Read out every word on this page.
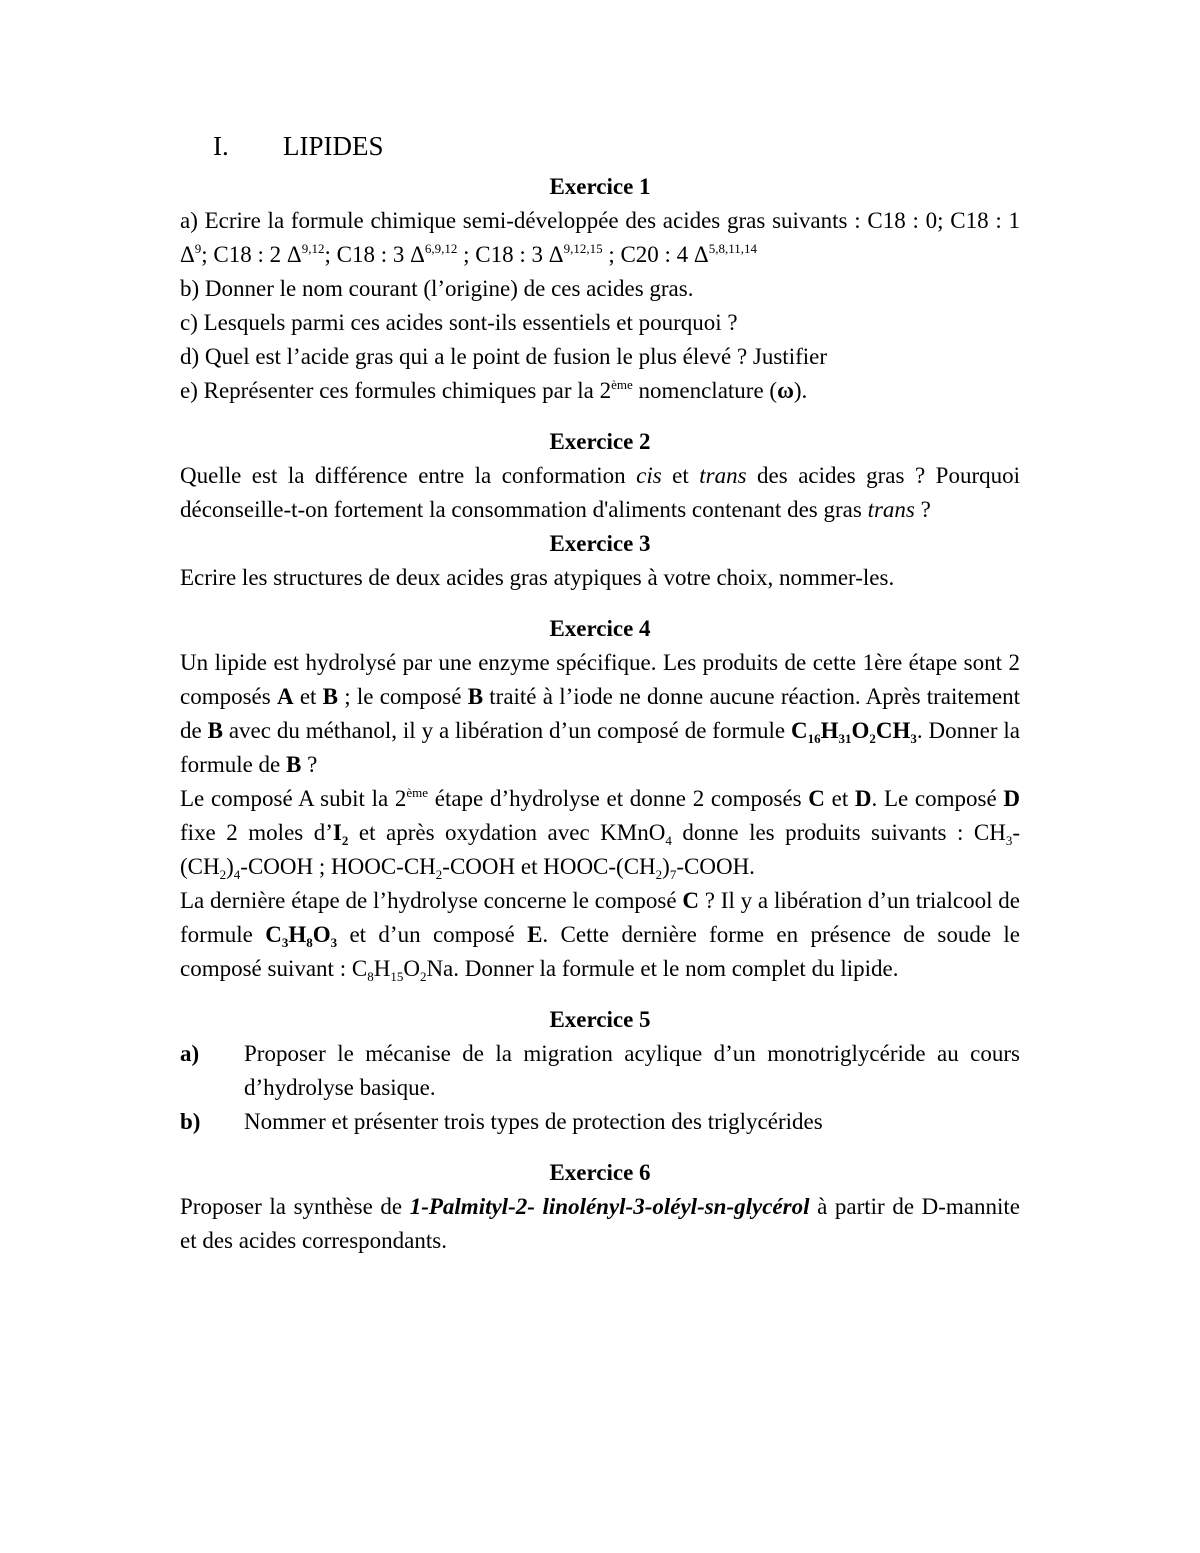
I.	LIPIDES
Exercice 1

a) Ecrire la formule chimique semi-développée des acides gras suivants : C18 : 0; C18 : 1 $\Delta^9$; C18 : 2 Δ$^{9,12}$; C18 : 3 Δ$^{6,9,12}$ ; C18 : 3 Δ$^{9,12,15}$ ; C20 : 4 Δ$^{5,8,11,14}$

b) Donner le nom courant (l’origine) de ces acides gras.

c) Lesquels parmi ces acides sont-ils essentiels et pourquoi ?

d) Quel est l’acide gras qui a le point de fusion le plus élevé ? Justifier

e) Représenter ces formules chimiques par la 2ème nomenclature (ω).

Exercice 2

Quelle est la différence entre la conformation cis et trans des acides gras ? Pourquoi déconseille-t-on fortement la consommation d'aliments contenant des gras trans ?

Exercice 3

Ecrire les structures de deux acides gras atypiques à votre choix, nommer-les.

Exercice 4

Un lipide est hydrolysé par une enzyme spécifique. Les produits de cette 1ère étape sont 2 composés A et B ; le composé B traité à l’iode ne donne aucune réaction. Après traitement de B avec du méthanol, il y a libération d’un composé de formule $C_{16}H_{31}O_2CH_3$. Donner la formule de B ?

Le composé A subit la 2ème étape d’hydrolyse et donne 2 composés C et D. Le composé D fixe 2 moles $d’I_2$ et après oxydation avec KMnO$_4$ donne les produits suivants : $CH_3-(CH_2)_4$-COOH ; HOOC-$CH_2$-COOH et HOOC-$(CH_2)_7$-COOH.

La dernière étape de l’hydrolyse concerne le composé C ? Il y a libération d’un trialcool de formule $C_3H_8O_3$ et d’un composé E. Cette dernière forme en présence de soude le composé suivant : $C_8H_{15}O_2Na$. Donner la formule et le nom complet du lipide.

Exercice 5
a)	Proposer le mécanise de la migration acylique d’un monotriglycéride au cours d’hydrolyse basique.
b)	Nommer et présenter trois types de protection des triglycérides
Exercice 6

Proposer la synthèse de 1-Palmityl-2- linolényl-3-oléyl-sn-glycérol à partir de D-mannite et des acides correspondants.
